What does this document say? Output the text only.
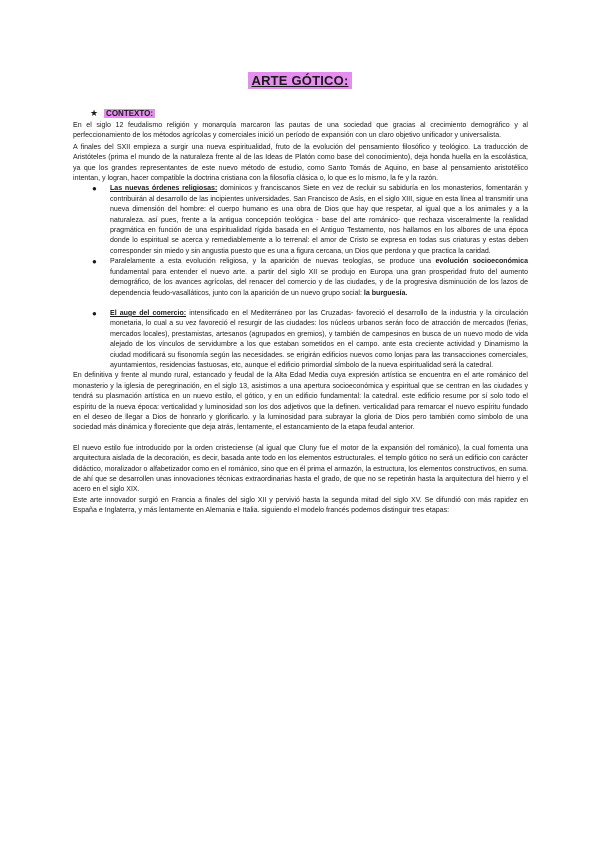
ARTE GÓTICO:
★ CONTEXTO:

En el siglo 12 feudalismo religión y monarquía marcaron las pautas de una sociedad que gracias al crecimiento demográfico y al perfeccionamiento de los métodos agrícolas y comerciales inició un período de expansión con un claro objetivo unificador y universalista.

A finales del SXII empieza a surgir una nueva espiritualidad, fruto de la evolución del pensamiento filosófico y teológico. La traducción de Aristóteles (prima el mundo de la naturaleza frente al de las Ideas de Platón como base del conocimiento), deja honda huella en la escolástica, ya que los grandes representantes de este nuevo método de estudio, como Santo Tomás de Aquino, en base al pensamiento aristotélico intentan, y logran, hacer compatible la doctrina cristiana con la filosofía clásica o, lo que es lo mismo, la fe y la razón.

● Las nuevas órdenes religiosas: dominicos y franciscanos Siete en vez de recluir su sabiduría en los monasterios, fomentarán y contribuirán al desarrollo de las incipientes universidades. San Francisco de Asís, en el siglo XIII, sigue en esta línea al transmitir una nueva dimensión del hombre: el cuerpo humano es una obra de Dios que hay que respetar, al igual que a los animales y a la naturaleza. así pues, frente a la antigua concepción teológica - base del arte románico- que rechaza visceralmente la realidad pragmática en función de una espiritualidad rígida basada en el Antiguo Testamento, nos hallamos en los albores de una época donde lo espiritual se acerca y remediablemente a lo terrenal: el amor de Cristo se expresa en todas sus criaturas y estas deben corresponder sin miedo y sin angustia puesto que es una a figura cercana, un Dios que perdona y que practica la caridad.
● Paralelamente a esta evolución religiosa, y la aparición de nuevas teologías, se produce una evolución socioeconómica fundamental para entender el nuevo arte. a partir del siglo XII se produjo en Europa una gran prosperidad fruto del aumento demográfico, de los avances agrícolas, del renacer del comercio y de las ciudades, y de la progresiva disminución de los lazos de dependencia feudo-vasalláticos, junto con la aparición de un nuevo grupo social: la burguesía.
● El auge del comercio: intensificado en el Mediterráneo por las Cruzadas- favoreció el desarrollo de la industria y la circulación monetaria, lo cual a su vez favoreció el resurgir de las ciudades: los núcleos urbanos serán foco de atracción de mercados (ferias, mercados locales), prestamistas, artesanos (agrupados en gremios), y también de campesinos en busca de un nuevo modo de vida alejado de los vínculos de servidumbre a los que estaban sometidos en el campo. ante esta creciente actividad y Dinamismo la ciudad modificará su fisonomía según las necesidades. se erigirán edificios nuevos como lonjas para las transacciones comerciales, ayuntamientos, residencias fastuosas, etc, aunque el edificio primordial símbolo de la nueva espiritualidad será la catedral.

En definitiva y frente al mundo rural, estancado y feudal de la Alta Edad Media cuya expresión artística se encuentra en el arte románico del monasterio y la iglesia de peregrinación, en el siglo 13, asistimos a una apertura socioeconómica y espiritual que se centran en las ciudades y tendrá su plasmación artística en un nuevo estilo, el gótico, y en un edificio fundamental: la catedral. este edificio resume por sí solo todo el espíritu de la nueva época: verticalidad y luminosidad son los dos adjetivos que la definen. verticalidad para remarcar el nuevo espíritu fundado en el deseo de llegar a Dios de honrarlo y glorificarlo. y la luminosidad para subrayar la gloria de Dios pero también como símbolo de una sociedad más dinámica y floreciente que deja atrás, lentamente, el estancamiento de la etapa feudal anterior.

El nuevo estilo fue introducido por la orden cristeciense (al igual que Cluny fue el motor de la expansión del románico), la cual fomenta una arquitectura aislada de la decoración, es decir, basada ante todo en los elementos estructurales. el templo gótico no será un edificio con carácter didáctico, moralizador o alfabetizador como en el románico, sino que en él prima el armazón, la estructura, los elementos constructivos, en suma. de ahí que se desarrollen unas innovaciones técnicas extraordinarias hasta el grado, de que no se repetirán hasta la arquitectura del hierro y el acero en el siglo XIX.

Este arte innovador surgió en Francia a finales del siglo XII y pervivió hasta la segunda mitad del siglo XV. Se difundió con más rapidez en España e Inglaterra, y más lentamente en Alemania e Italia. siguiendo el modelo francés podemos distinguir tres etapas:
